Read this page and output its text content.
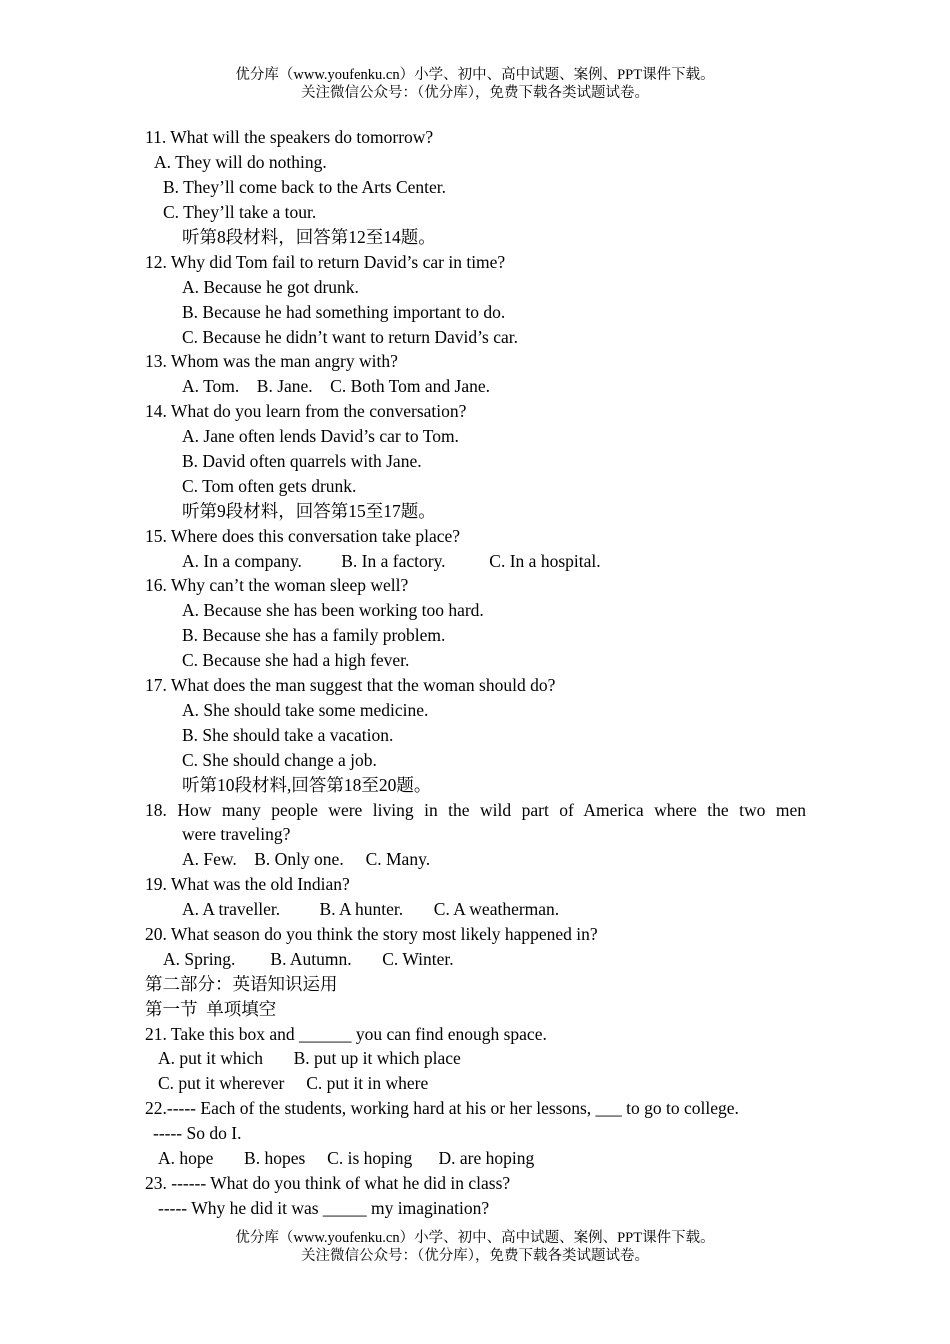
优分库（www.youfenku.cn）小学、初中、高中试题、案例、PPT课件下载。
关注微信公众号：（优分库），免费下载各类试题试卷。
11. What will the speakers do tomorrow?
A. They will do nothing.
B. They’ll come back to the Arts Center.
C. They’ll take a tour.
听第8段材料，回答第12至14题。
12. Why did Tom fail to return David’s car in time?
A. Because he got drunk.
B. Because he had something important to do.
C. Because he didn’t want to return David’s car.
13. Whom was the man angry with?
A. Tom.    B. Jane.    C. Both Tom and Jane.
14. What do you learn from the conversation?
A. Jane often lends David’s car to Tom.
B. David often quarrels with Jane.
C. Tom often gets drunk.
听第9段材料，回答第15至17题。
15. Where does this conversation take place?
A. In a company.         B. In a factory.          C. In a hospital.
16. Why can’t the woman sleep well?
A. Because she has been working too hard.
B. Because she has a family problem.
C. Because she had a high fever.
17. What does the man suggest that the woman should do?
A. She should take some medicine.
B. She should take a vacation.
C. She should change a job.
听第10段材料,回答第18至20题。
18. How many people were living in the wild part of America where the two men
were traveling?
A. Few.    B. Only one.     C. Many.
19. What was the old Indian?
A. A traveller.         B. A hunter.       C. A weatherman.
20. What season do you think the story most likely happened in?
A. Spring.        B. Autumn.       C. Winter.
第二部分：英语知识运用
第一节  单项填空
21. Take this box and ______ you can find enough space.
A. put it which       B. put up it which place
C. put it wherever     C. put it in where
22.----- Each of the students, working hard at his or her lessons, ___ to go to college.
----- So do I.
A. hope       B. hopes     C. is hoping      D. are hoping
23. ------ What do you think of what he did in class?
----- Why he did it was _____ my imagination?
优分库（www.youfenku.cn）小学、初中、高中试题、案例、PPT课件下载。
关注微信公众号：（优分库），免费下载各类试题试卷。
